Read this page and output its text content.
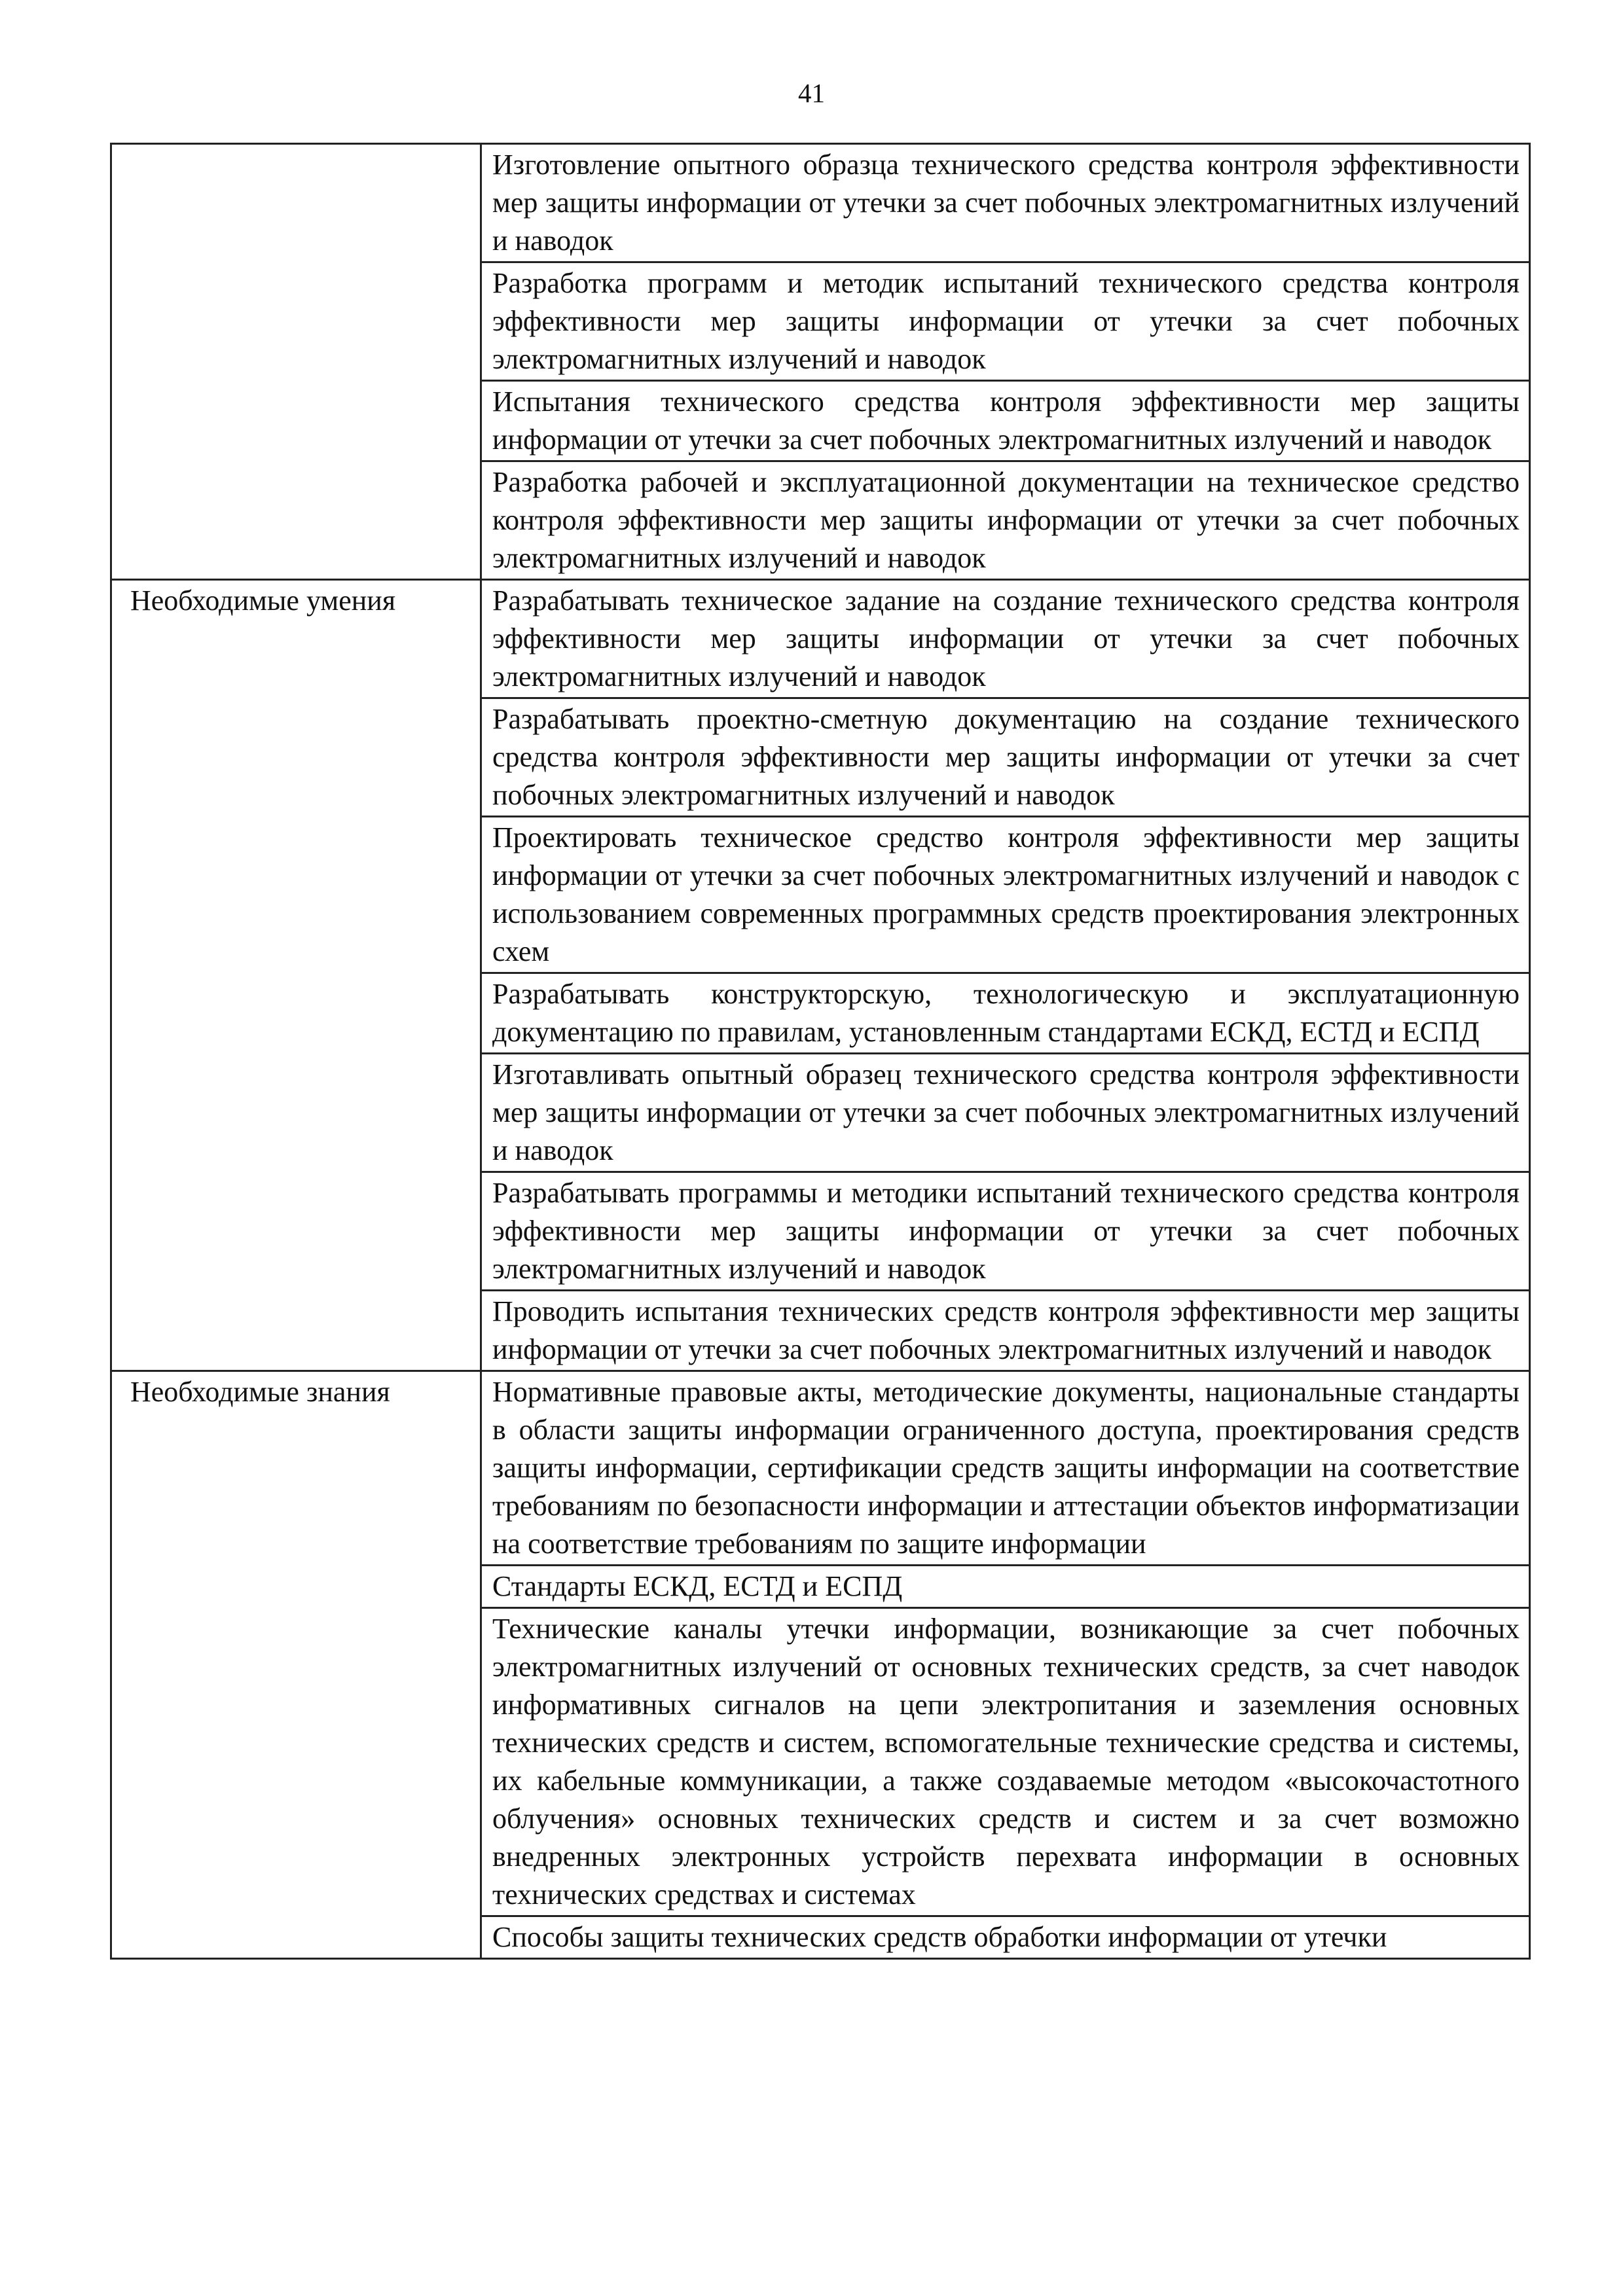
41
	Изготовление опытного образца технического средства контроля эффективности мер защиты информации от утечки за счет побочных электромагнитных излучений и наводок
	Разработка программ и методик испытаний технического средства контроля эффективности мер защиты информации от утечки за счет побочных электромагнитных излучений и наводок
	Испытания технического средства контроля эффективности мер защиты информации от утечки за счет побочных электромагнитных излучений и наводок
	Разработка рабочей и эксплуатационной документации на техническое средство контроля эффективности мер защиты информации от утечки за счет побочных электромагнитных излучений и наводок
Необходимые умения	Разрабатывать техническое задание на создание технического средства контроля эффективности мер защиты информации от утечки за счет побочных электромагнитных излучений и наводок
	Разрабатывать проектно-сметную документацию на создание технического средства контроля эффективности мер защиты информации от утечки за счет побочных электромагнитных излучений и наводок
	Проектировать техническое средство контроля эффективности мер защиты информации от утечки за счет побочных электромагнитных излучений и наводок с использованием современных программных средств проектирования электронных схем
	Разрабатывать конструкторскую, технологическую и эксплуатационную документацию по правилам, установленным стандартами ЕСКД, ЕСТД и ЕСПД
	Изготавливать опытный образец технического средства контроля эффективности мер защиты информации от утечки за счет побочных электромагнитных излучений и наводок
	Разрабатывать программы и методики испытаний технического средства контроля эффективности мер защиты информации от утечки за счет побочных электромагнитных излучений и наводок
	Проводить испытания технических средств контроля эффективности мер защиты информации от утечки за счет побочных электромагнитных излучений и наводок
Необходимые знания	Нормативные правовые акты, методические документы, национальные стандарты в области защиты информации ограниченного доступа, проектирования средств защиты информации, сертификации средств защиты информации на соответствие требованиям по безопасности информации и аттестации объектов информатизации на соответствие требованиям по защите информации
	Стандарты ЕСКД, ЕСТД и ЕСПД
	Технические каналы утечки информации, возникающие за счет побочных электромагнитных излучений от основных технических средств, за счет наводок информативных сигналов на цепи электропитания и заземления основных технических средств и систем, вспомогательные технические средства и системы, их кабельные коммуникации, а также создаваемые методом «высокочастотного облучения» основных технических средств и систем и за счет возможно внедренных электронных устройств перехвата информации в основных технических средствах и системах
	Способы защиты технических средств обработки информации от утечки
